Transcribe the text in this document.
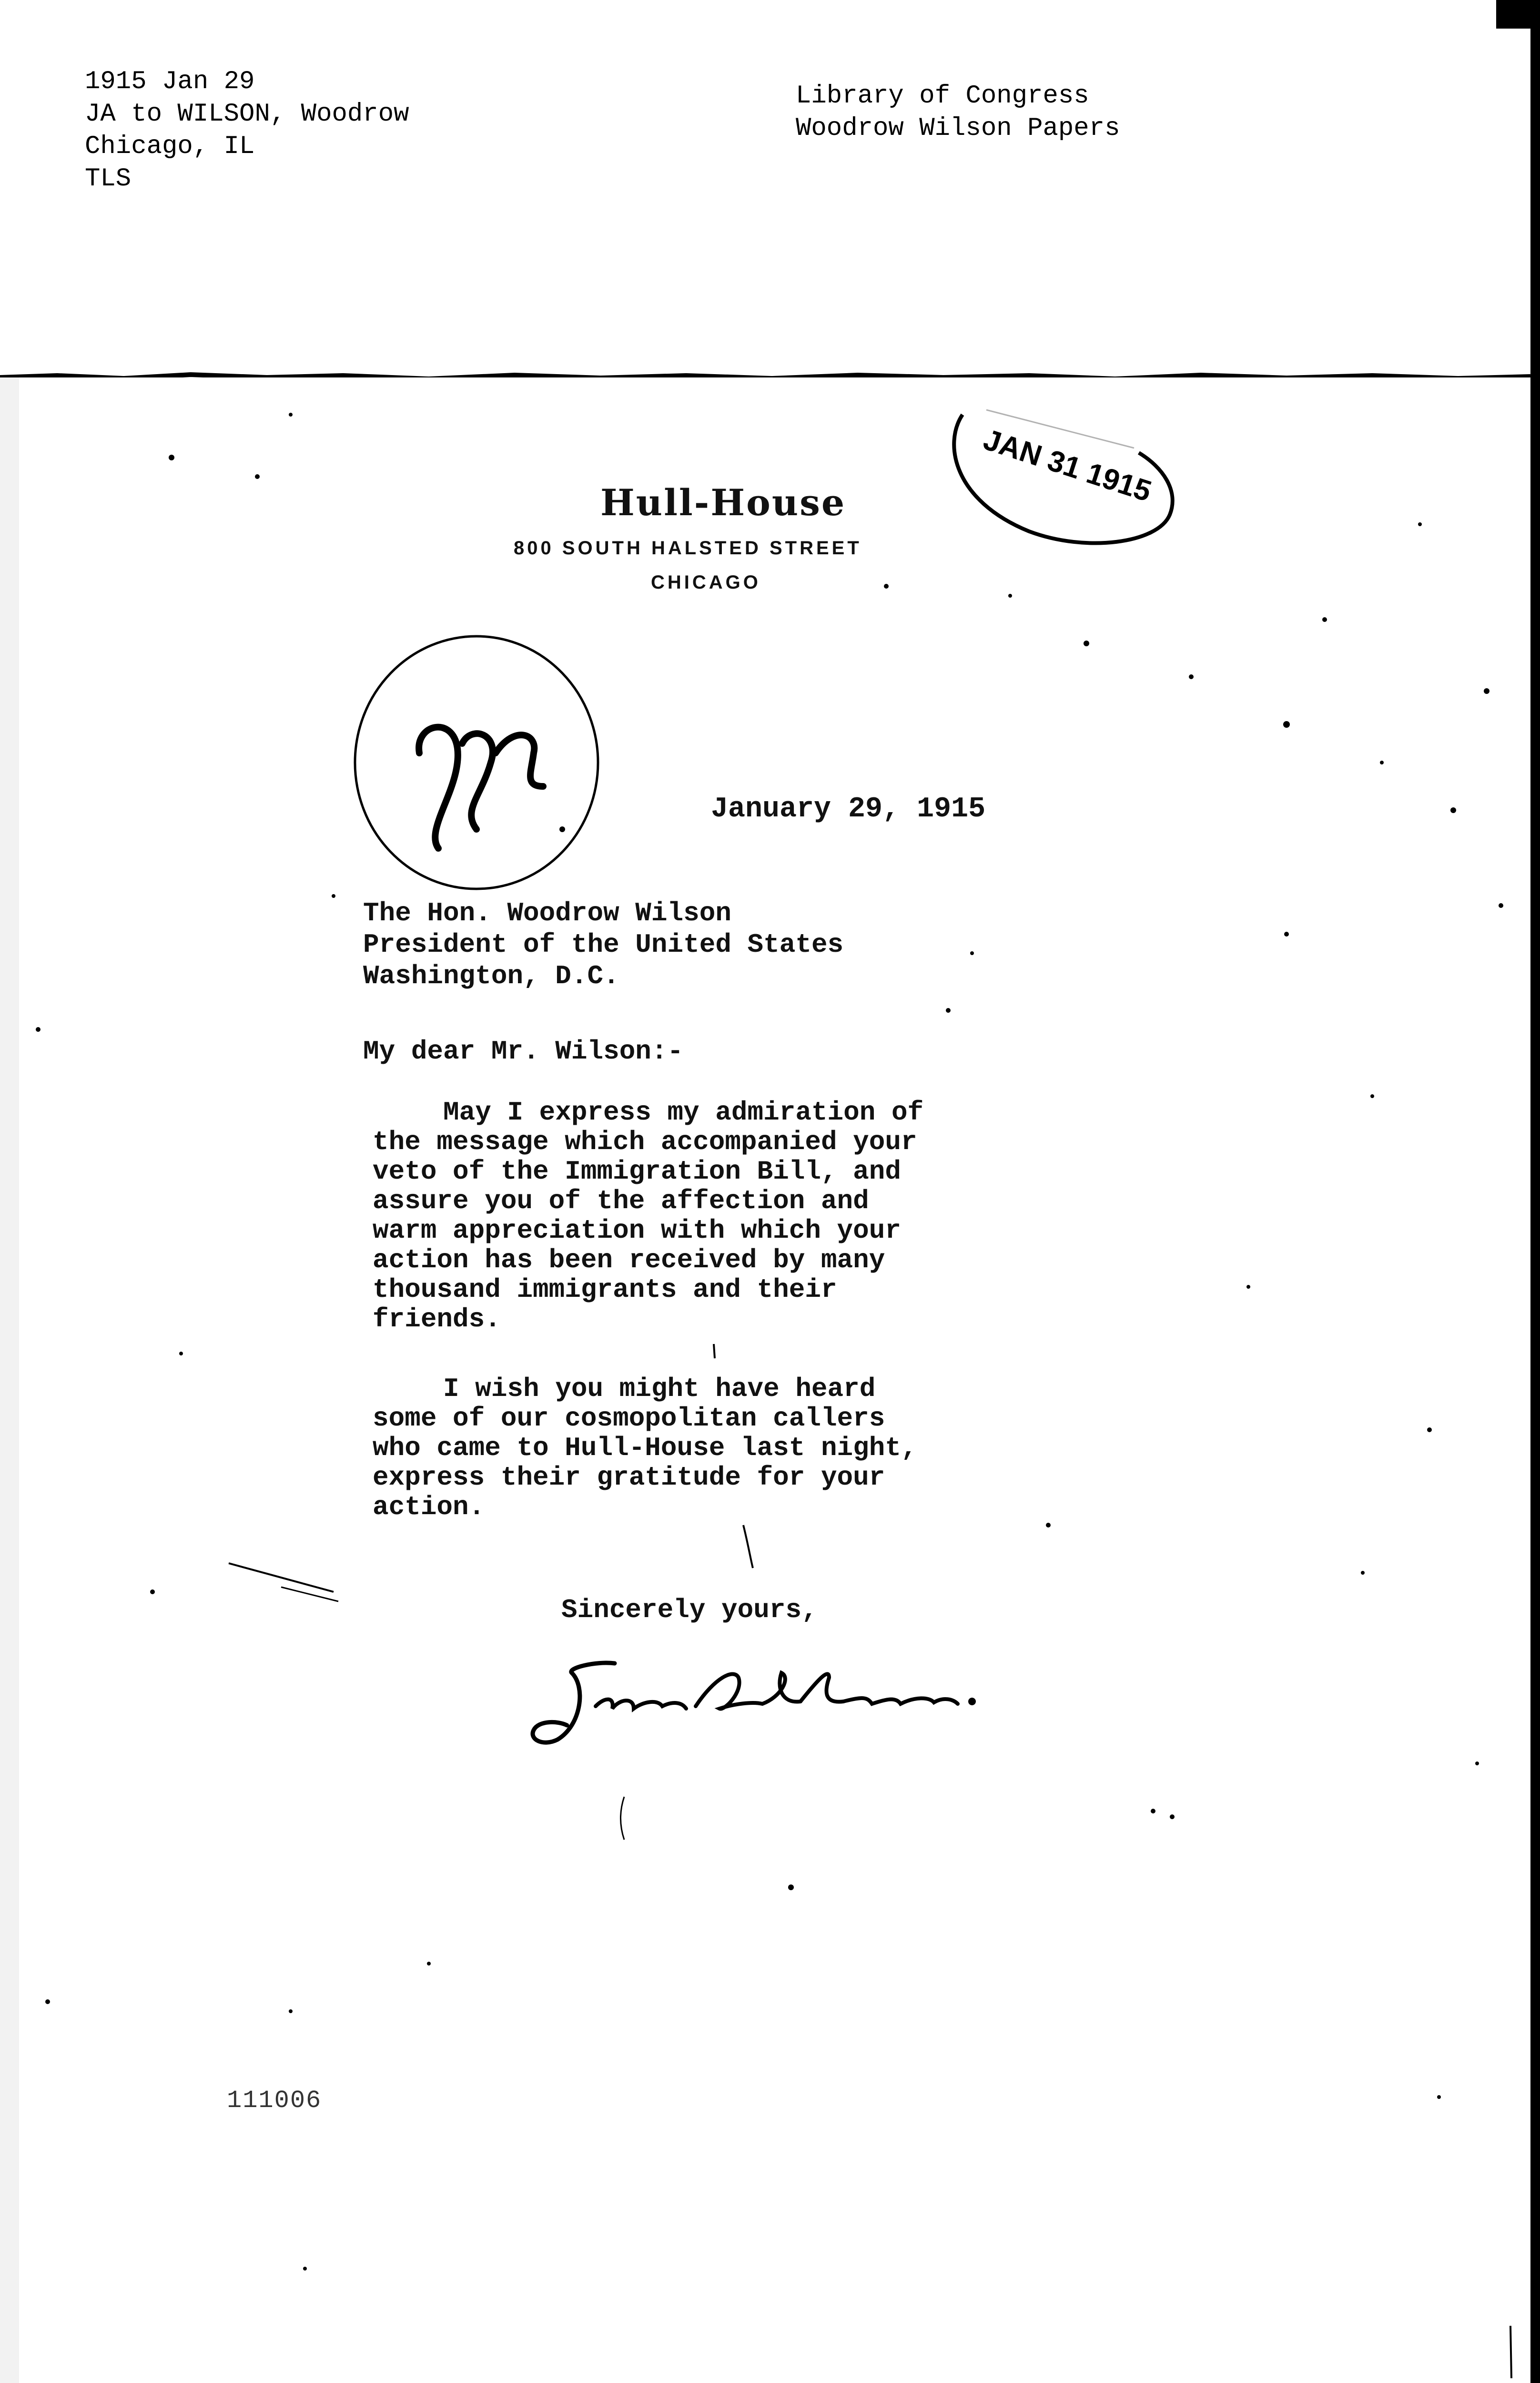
1915 Jan 29

JA to WILSON, Woodrow

Chicago, IL

TLS

Library of Congress

Woodrow Wilson Papers

Hull-House

800 SOUTH HALSTED STREET

CHICAGO

JAN 31 1915

January 29, 1915

The Hon. Woodrow Wilson

President of the United States

Washington, D.C.

My dear Mr. Wilson:-

May I express my admiration of

the message which accompanied your

veto of the Immigration Bill, and

assure you of the affection and

warm appreciation with which your

action has been received by many

thousand immigrants and their

friends.

I wish you might have heard

some of our cosmopolitan callers

who came to Hull-House last night,

express their gratitude for your

action.

Sincerely yours,

111006
